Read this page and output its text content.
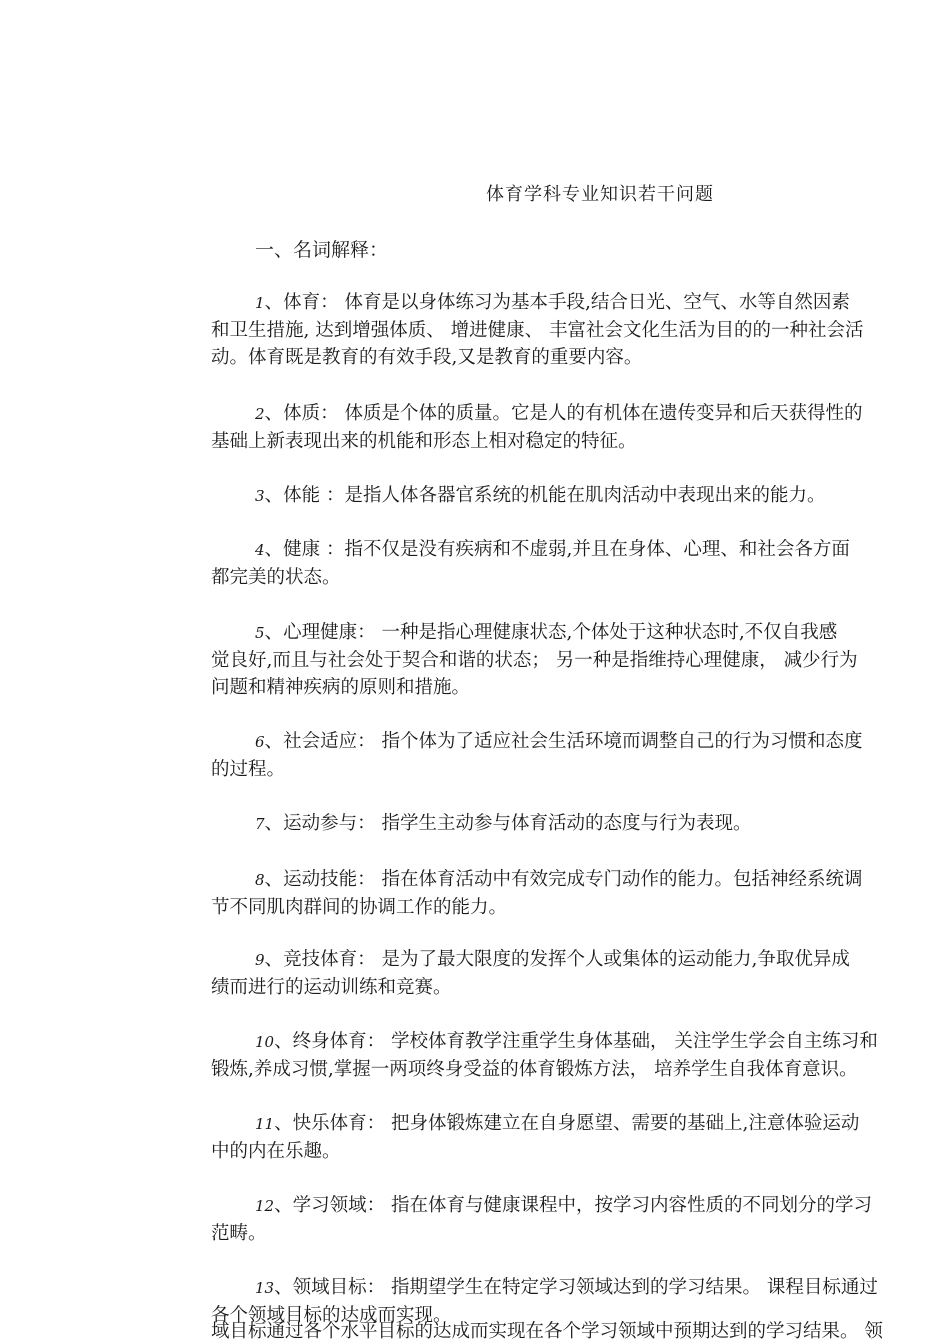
体育学科专业知识若干问题
一、名词解释：
1、体育： 体育是以身体练习为基本手段,结合日光、空气、水等自然因素
和卫生措施, 达到增强体质、 增进健康、 丰富社会文化生活为目的的一种社会活
动。体育既是教育的有效手段,又是教育的重要内容。
2、体质： 体质是个体的质量。它是人的有机体在遗传变异和后天获得性的
基础上新表现出来的机能和形态上相对稳定的特征。
3、体能 ：是指人体各器官系统的机能在肌肉活动中表现出来的能力。
4、健康 ：指不仅是没有疾病和不虚弱,并且在身体、心理、和社会各方面
都完美的状态。
5、心理健康： 一种是指心理健康状态,个体处于这种状态时,不仅自我感
觉良好,而且与社会处于契合和谐的状态； 另一种是指维持心理健康， 减少行为
问题和精神疾病的原则和措施。
6、社会适应： 指个体为了适应社会生活环境而调整自己的行为习惯和态度
的过程。
7、运动参与： 指学生主动参与体育活动的态度与行为表现。
8、运动技能： 指在体育活动中有效完成专门动作的能力。包括神经系统调
节不同肌肉群间的协调工作的能力。
9、竞技体育： 是为了最大限度的发挥个人或集体的运动能力,争取优异成
绩而进行的运动训练和竞赛。
10、终身体育： 学校体育教学注重学生身体基础， 关注学生学会自主练习和
锻炼,养成习惯,掌握一两项终身受益的体育锻炼方法， 培养学生自我体育意识。
11、快乐体育： 把身体锻炼建立在自身愿望、需要的基础上,注意体验运动
中的内在乐趣。
12、学习领域： 指在体育与健康课程中，按学习内容性质的不同划分的学习
范畴。
13、领域目标： 指期望学生在特定学习领域达到的学习结果。 课程目标通过
各个领域目标的达成而实现。
域目标通过各个水平目标的达成而实现在各个学习领域中预期达到的学习结果。 领
